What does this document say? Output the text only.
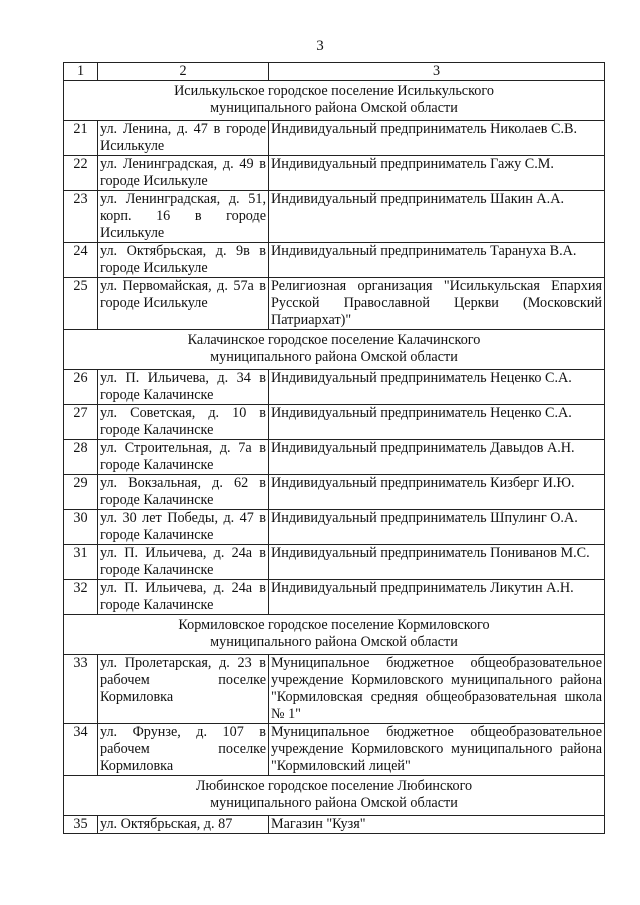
3
1	2	3

Исилькульское городское поселение Исилькульского
муниципального района Омской области		

21	ул. Ленина, д. 47 в городе Исилькуле	Индивидуальный предприниматель Николаев С.В.
22	ул. Ленинградская, д. 49 в городе Исилькуле	Индивидуальный предприниматель Гажу С.М.
23	ул. Ленинградская, д. 51, корп. 16 в городе Исилькуле	Индивидуальный предприниматель Шакин А.А.
24	ул. Октябрьская, д. 9в в городе Исилькуле	Индивидуальный предприниматель Тарануха В.А.
25	ул. Первомайская, д. 57а в городе Исилькуле	Религиозная организация "Исилькульская Епархия Русской Православной Церкви (Московский Патриархат)"

Калачинское городское поселение Калачинского
муниципального района Омской области		

26	ул. П. Ильичева, д. 34 в городе Калачинске	Индивидуальный предприниматель Неценко С.А.
27	ул. Советская, д. 10 в городе Калачинске	Индивидуальный предприниматель Неценко С.А.
28	ул. Строительная, д. 7а в городе Калачинске	Индивидуальный предприниматель Давыдов А.Н.
29	ул. Вокзальная, д. 62 в городе Калачинске	Индивидуальный предприниматель Кизберг И.Ю.
30	ул. 30 лет Победы, д. 47 в городе Калачинске	Индивидуальный предприниматель Шпулинг О.А.
31	ул. П. Ильичева, д. 24а в городе Калачинске	Индивидуальный предприниматель Пониванов М.С.
32	ул. П. Ильичева, д. 24а в городе Калачинске	Индивидуальный предприниматель Ликутин А.Н.

Кормиловское городское поселение Кормиловского
муниципального района Омской области		

33	ул. Пролетарская, д. 23 в рабочем поселке Кормиловка	Муниципальное бюджетное общеобразовательное учреждение Кормиловского муниципального района "Кормиловская средняя общеобразовательная школа № 1"
34	ул. Фрунзе, д. 107 в рабочем поселке Кормиловка	Муниципальное бюджетное общеобразовательное учреждение Кормиловского муниципального района "Кормиловский лицей"

Любинское городское поселение Любинского
муниципального района Омской области		

35	ул. Октябрьская, д. 87	Магазин "Кузя"
